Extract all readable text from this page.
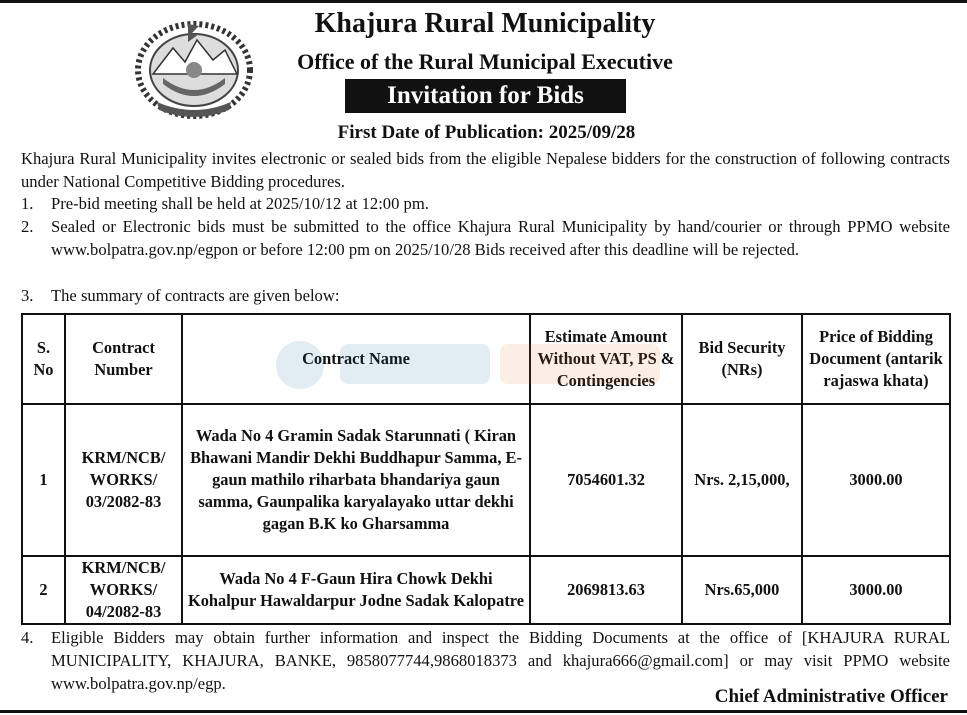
Khajura Rural Municipality
Office of the Rural Municipal Executive
Invitation for Bids
First Date of Publication: 2025/09/28
Khajura Rural Municipality invites electronic or sealed bids from the eligible Nepalese bidders for the construction of following contracts under National Competitive Bidding procedures.
1. Pre-bid meeting shall be held at 2025/10/12 at 12:00 pm.
2. Sealed or Electronic bids must be submitted to the office Khajura Rural Municipality by hand/courier or through PPMO website www.bolpatra.gov.np/egpon or before 12:00 pm on 2025/10/28 Bids received after this deadline will be rejected.
3. The summary of contracts are given below:
S. No	Contract Number	Contract Name	Estimate Amount Without VAT, PS & Contingencies	Bid Security (NRs)	Price of Bidding Document (antarik rajaswa khata)
1	KRM/NCB/ WORKS/ 03/2082-83	Wada No 4 Gramin Sadak Starunnati ( Kiran Bhawani Mandir Dekhi Buddhapur Samma, E-gaun mathilo riharbata bhandariya gaun samma, Gaunpalika karyalayako uttar dekhi gagan B.K ko Gharsamma	7054601.32	Nrs. 2,15,000,	3000.00
2	KRM/NCB/ WORKS/ 04/2082-83	Wada No 4 F-Gaun Hira Chowk Dekhi Kohalpur Hawaldarpur Jodne Sadak Kalopatre	2069813.63	Nrs.65,000	3000.00
4. Eligible Bidders may obtain further information and inspect the Bidding Documents at the office of [KHAJURA RURAL MUNICIPALITY, KHAJURA, BANKE, 9858077744,9868018373 and khajura666@gmail.com] or may visit PPMO website www.bolpatra.gov.np/egp.
Chief Administrative Officer
